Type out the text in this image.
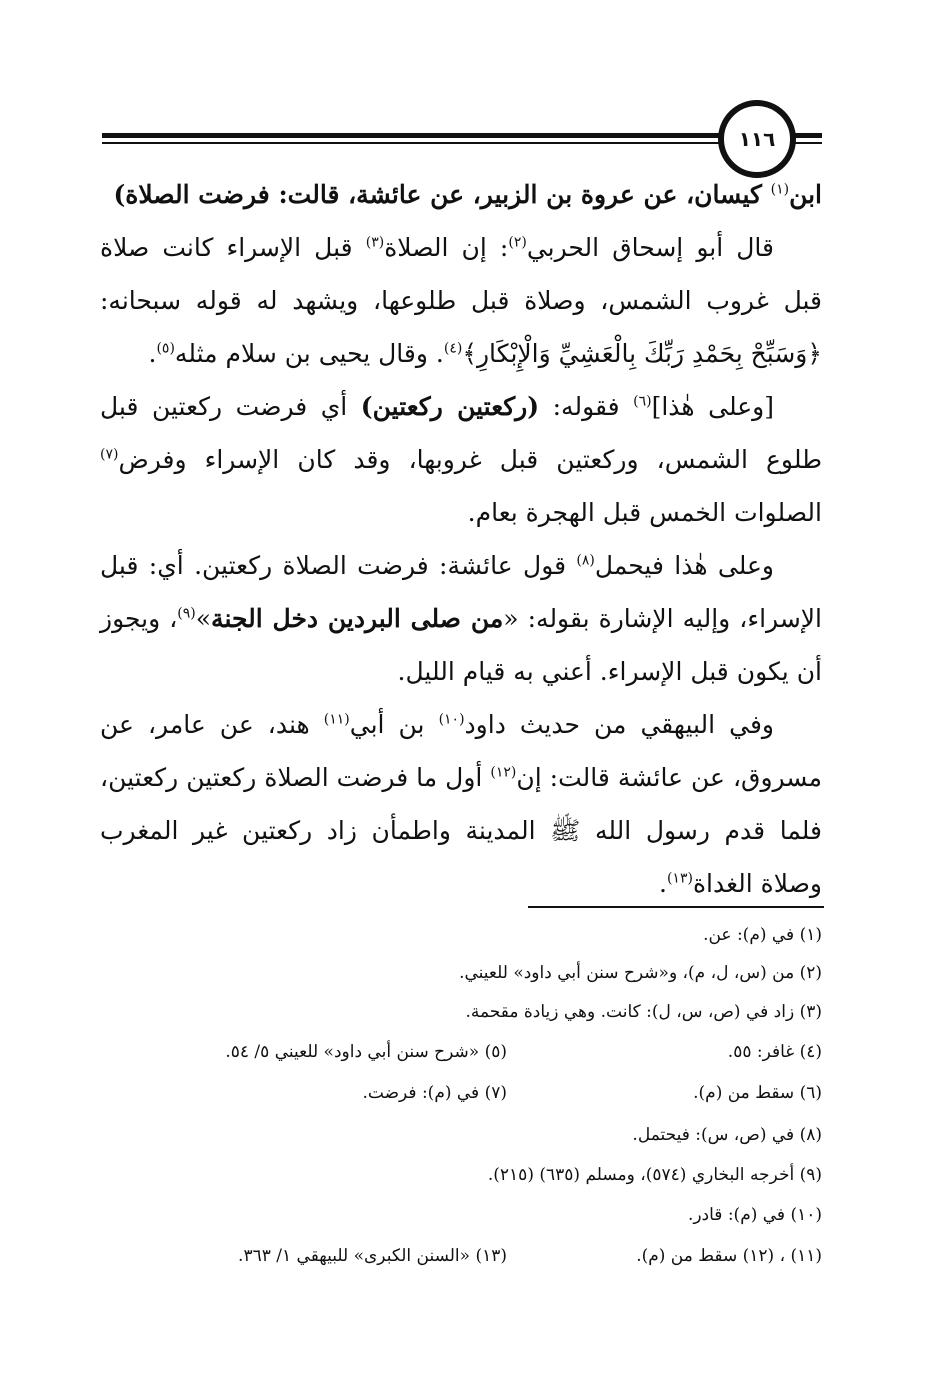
١١٦

ابن$^{(١)}$ كيسان، عن عروة بن الزبير، عن عائشة، قالت: فرضت الصلاة)

قال أبو إسحاق الحربي$^{(٢)}$: إن الصلاة$^{(٣)}$ قبل الإسراء كانت صلاة قبل غروب الشمس، وصلاة قبل طلوعها، ويشهد له قوله سبحانه: ﴿وَسَبِّحْ بِحَمْدِ رَبِّكَ بِالْعَشِيِّ وَالْإِبْكَارِ﴾$^{(٤)}$. وقال يحيى بن سلام مثله$^{(٥)}$.

[وعلى هٰذا]$^{(٦)}$ فقوله: (ركعتين ركعتين) أي فرضت ركعتين قبل طلوع الشمس، وركعتين قبل غروبها، وقد كان الإسراء وفرض$^{(٧)}$ الصلوات الخمس قبل الهجرة بعام.

وعلى هٰذا فيحمل$^{(٨)}$ قول عائشة: فرضت الصلاة ركعتين. أي: قبل الإسراء، وإليه الإشارة بقوله: «من صلى البردين دخل الجنة»$^{(٩)}$، ويجوز أن يكون قبل الإسراء. أعني به قيام الليل.

وفي البيهقي من حديث داود$^{(١٠)}$ بن أبي$^{(١١)}$ هند، عن عامر، عن مسروق، عن عائشة قالت: إن$^{(١٢)}$ أول ما فرضت الصلاة ركعتين ركعتين، فلما قدم رسول الله ﷺ المدينة واطمأن زاد ركعتين غير المغرب وصلاة الغداة$^{(١٣)}$.

(١) في (م): عن.
(٢) من (س، ل، م)، و«شرح سنن أبي داود» للعيني.
(٣) زاد في (ص، س، ل): كانت. وهي زيادة مقحمة.
(٤) غافر: ٥٥.
(٥) «شرح سنن أبي داود» للعيني ٥/ ٥٤.
(٦) سقط من (م).
(٧) في (م): فرضت.
(٨) في (ص، س): فيحتمل.
(٩) أخرجه البخاري (٥٧٤)، ومسلم (٦٣٥) (٢١٥).
(١٠) في (م): قادر.
(١١) ، (١٢) سقط من (م).
(١٣) «السنن الكبرى» للبيهقي ١/ ٣٦٣.
